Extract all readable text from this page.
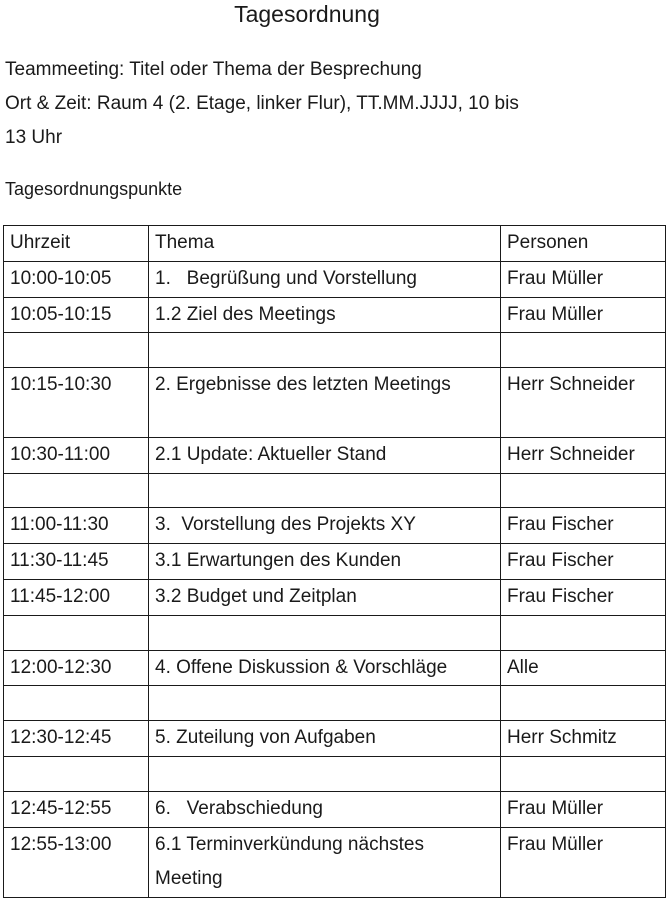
Tagesordnung
Teammeeting: Titel oder Thema der Besprechung
Ort & Zeit: Raum 4 (2. Etage, linker Flur), TT.MM.JJJJ, 10 bis
13 Uhr
Tagesordnungspunkte
Uhrzeit	Thema	Personen
10:00-10:05	1.   Begrüßung und Vorstellung	Frau Müller
10:05-10:15	1.2 Ziel des Meetings	Frau Müller

10:15-10:30	2. Ergebnisse des letzten Meetings	Herr Schneider
10:30-11:00	2.1 Update: Aktueller Stand	Herr Schneider

11:00-11:30	3.  Vorstellung des Projekts XY	Frau Fischer
11:30-11:45	3.1 Erwartungen des Kunden	Frau Fischer
11:45-12:00	3.2 Budget und Zeitplan	Frau Fischer

12:00-12:30	4. Offene Diskussion & Vorschläge	Alle

12:30-12:45	5. Zuteilung von Aufgaben	Herr Schmitz

12:45-12:55	6.   Verabschiedung	Frau Müller
12:55-13:00	6.1 Terminverkündung nächstes Meeting	Frau Müller
